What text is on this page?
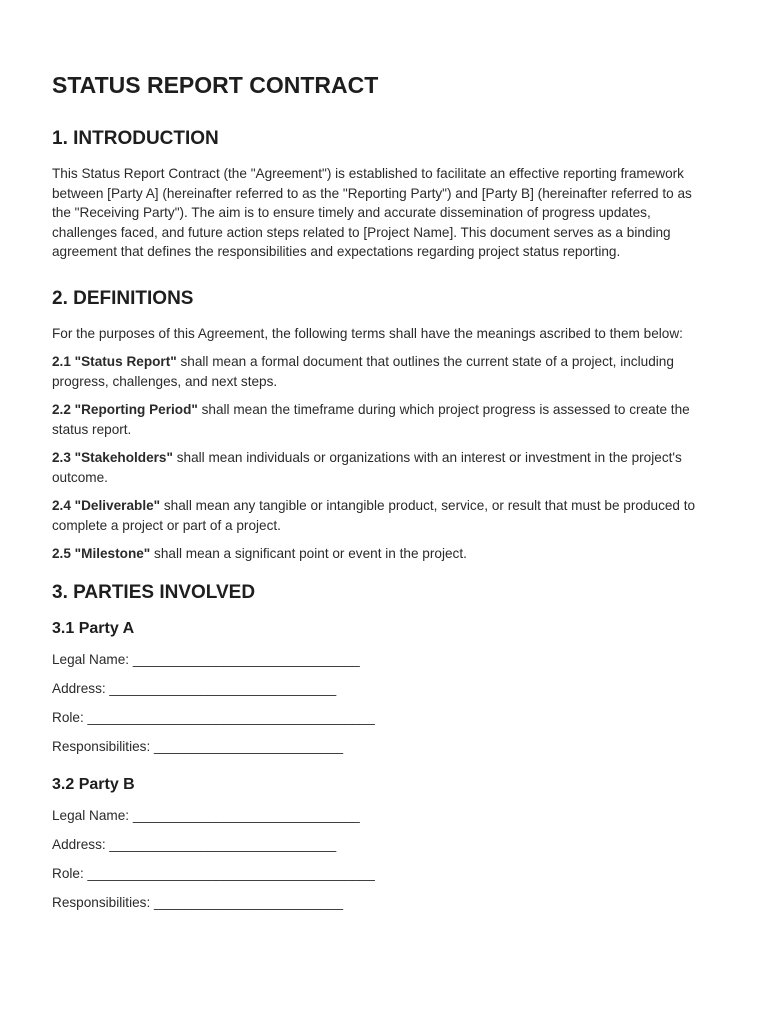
STATUS REPORT CONTRACT
1. INTRODUCTION

This Status Report Contract (the "Agreement") is established to facilitate an effective reporting framework between [Party A] (hereinafter referred to as the "Reporting Party") and [Party B] (hereinafter referred to as the "Receiving Party"). The aim is to ensure timely and accurate dissemination of progress updates, challenges faced, and future action steps related to [Project Name]. This document serves as a binding agreement that defines the responsibilities and expectations regarding project status reporting.

2. DEFINITIONS

For the purposes of this Agreement, the following terms shall have the meanings ascribed to them below:

2.1 "Status Report" shall mean a formal document that outlines the current state of a project, including progress, challenges, and next steps.

2.2 "Reporting Period" shall mean the timeframe during which project progress is assessed to create the status report.

2.3 "Stakeholders" shall mean individuals or organizations with an interest or investment in the project's outcome.

2.4 "Deliverable" shall mean any tangible or intangible product, service, or result that must be produced to complete a project or part of a project.

2.5 "Milestone" shall mean a significant point or event in the project.

3. PARTIES INVOLVED
3.1 Party A

Legal Name: ______________________________

Address: ______________________________

Role: ______________________________________

Responsibilities: _________________________

3.2 Party B

Legal Name: ______________________________

Address: ______________________________

Role: ______________________________________

Responsibilities: _________________________
